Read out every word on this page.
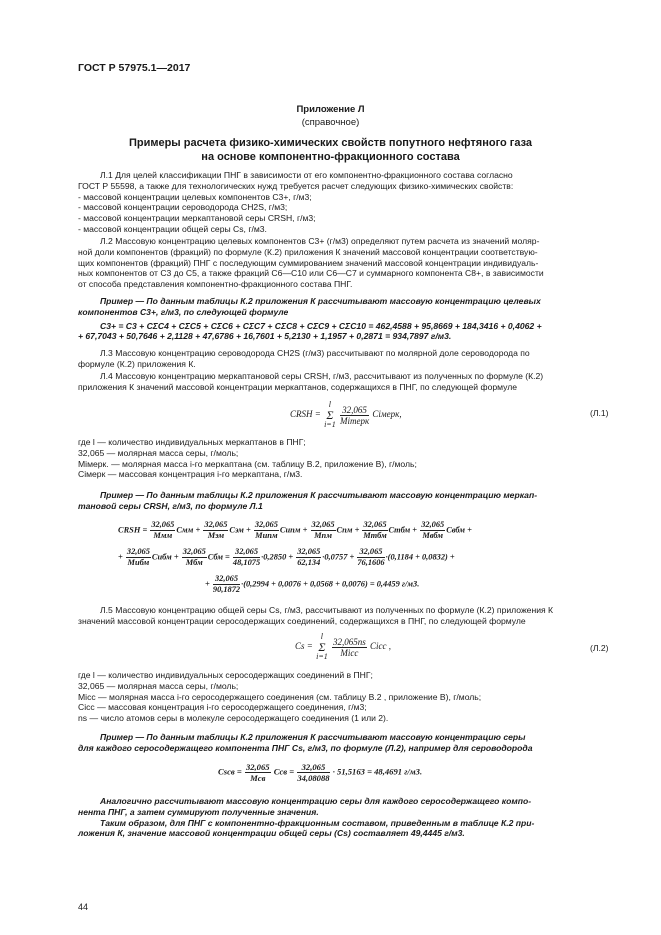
ГОСТ Р 57975.1—2017
Приложение Л
(справочное)
Примеры расчета физико-химических свойств попутного нефтяного газа
на основе компонентно-фракционного состава
Л.1 Для целей классификации ПНГ в зависимости от его компонентно-фракционного состава согласно
ГОСТ Р 55598, а также для технологических нужд требуется расчет следующих физико-химических свойств:
- массовой концентрации целевых компонентов C3+, г/м3;
- массовой концентрации сероводорода CH2S, г/м3;
- массовой концентрации меркаптановой серы CRSH, г/м3;
- массовой концентрации общей серы Cs, г/м3.
Л.2 Массовую концентрацию целевых компонентов C3+ (г/м3) определяют путем расчета из значений моляр-
ной доли компонентов (фракций) по формуле (К.2) приложения К значений массовой концентрации соответствую-
щих компонентов (фракций) ПНГ с последующим суммированием значений массовой концентрации индивидуаль-
ных компонентов от C3 до C5, а также фракций C6—C10 или C6—C7 и суммарного компонента C8+, в зависимости
от способа представления компонентно-фракционного состава ПНГ.
Пример — По данным таблицы К.2 приложения К рассчитывают массовую концентрацию целевых
компонентов C3+, г/м3, по следующей формуле
C3+ = C3 + CΣC4 + CΣC5 + CΣC6 + CΣC7 + CΣC8 + CΣC9 + CΣC10 = 462,4588 + 95,8669 + 184,3416 + 0,4062 +
+ 67,7043 + 50,7646 + 2,1128 + 47,6786 + 16,7601 + 5,2130 + 1,1957 + 0,2871 = 934,7897 г/м3.
Л.3 Массовую концентрацию сероводорода CH2S (г/м3) рассчитывают по молярной доле сероводорода по
формуле (К.2) приложения К.
Л.4 Массовую концентрацию меркаптановой серы CRSH, г/м3, рассчитывают из полученных по формуле (К.2)
приложения К значений массовой концентрации меркаптанов, содержащихся в ПНГ, по следующей формуле
CRSH =
l
Σ
i=1

32,065
Mimерк
Ciмерк,	(Л.1)
где l — количество индивидуальных меркаптанов в ПНГ;
32,065 — молярная масса серы, г/моль;
Miмерк. — молярная масса i-го меркаптана (см. таблицу В.2, приложение В), г/моль;
Ciмерк — массовая концентрация i-го меркаптана, г/м3.
Пример — По данным таблицы К.2 приложения К рассчитывают массовую концентрацию меркап-
тановой серы CRSH, г/м3, по формуле Л.1
CRSH =
32,065
Mмм
Cмм +
32,065
Mэм
Cэм +
32,065
Mипм
Cипм +
32,065
Mпм
Cпм +
32,065
Mтбм
Cтбм +
32,065
Mвбм
Cвбм +
+
32,065
Mибм
Cибм +
32,065
Mбм
Cбм = $\frac{32,065}{48,1075} \cdot 0,2850 + \frac{32,065}{62,134} \cdot 0,0757 + \frac{32,065}{76,1606} \cdot(0,1184 + 0,0832)$ +
+ $\frac{32,065}{90,1872} \cdot(0,2994 + 0,0076 + 0,0568 + 0,0076) = 0,4459$ г/м3.
Л.5 Массовую концентрацию общей серы Cs, г/м3, рассчитывают из полученных по формуле (К.2) приложения К
значений массовой концентрации серосодержащих соединений, содержащихся в ПНГ, по следующей формуле
Cs =
l
Σ
i=1

32,065ns
Micc
Cicc ,	(Л.2)
где l — количество индивидуальных серосодержащих соединений в ПНГ;
32,065 — молярная масса серы, г/моль;
Micc — молярная масса i-го серосодержащего соединения (см. таблицу В.2 , приложение В), г/моль;
Cicc — массовая концентрация i-го серосодержащего соединения, г/м3;
ns — число атомов серы в молекуле серосодержащего соединения (1 или 2).
Пример — По данным таблицы К.2 приложения К рассчитывают массовую концентрацию серы
для каждого серосодержащего компонента ПНГ Cs, г/м3, по формуле (Л.2), например для сероводорода
Csсв = 32,065
Mсв
Cсв = $\frac{32,065}{34,08088} \cdot 51,5163 = 48,4691$ г/м3.
Аналогично рассчитывают массовую концентрацию серы для каждого серосодержащего компо-
нента ПНГ, а затем суммируют полученные значения.
Таким образом, для ПНГ с компонентно-фракционным составом, приведенным в таблице К.2 при-
ложения К, значение массовой концентрации общей серы (Cs) составляет 49,4445 г/м3.
44
